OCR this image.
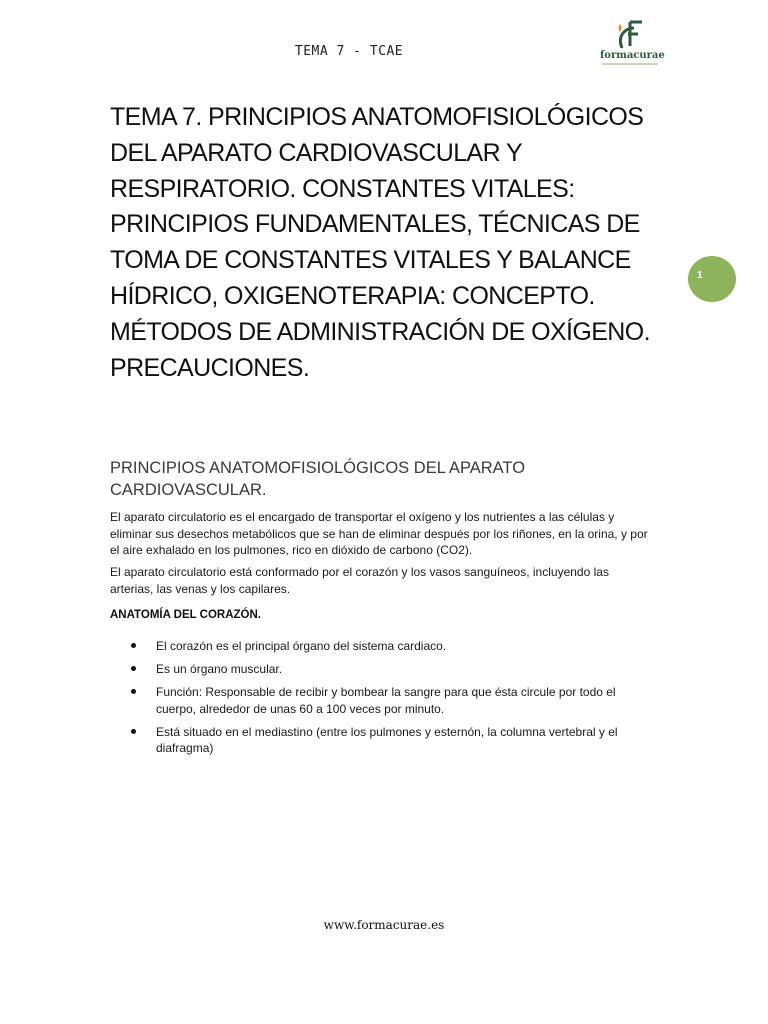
TEMA 7 - TCAE	formacurae
TEMA 7. PRINCIPIOS ANATOMOFISIOLÓGICOS DEL APARATO CARDIOVASCULAR Y RESPIRATORIO. CONSTANTES VITALES: PRINCIPIOS FUNDAMENTALES, TÉCNICAS DE TOMA DE CONSTANTES VITALES Y BALANCE HÍDRICO, OXIGENOTERAPIA: CONCEPTO. MÉTODOS DE ADMINISTRACIÓN DE OXÍGENO. PRECAUCIONES.
1
PRINCIPIOS ANATOMOFISIOLÓGICOS DEL APARATO CARDIOVASCULAR.

El aparato circulatorio es el encargado de transportar el oxígeno y los nutrientes a las células y eliminar sus desechos metabólicos que se han de eliminar después por los riñones, en la orina, y por el aire exhalado en los pulmones, rico en dióxido de carbono (CO2).

El aparato circulatorio está conformado por el corazón y los vasos sanguíneos, incluyendo las arterias, las venas y los capilares.

ANATOMÍA DEL CORAZÓN.
El corazón es el principal órgano del sistema cardiaco.
Es un órgano muscular.
Función: Responsable de recibir y bombear la sangre para que ésta circule por todo el cuerpo, alrededor de unas 60 a 100 veces por minuto.
Está situado en el mediastino (entre los pulmones y esternón, la columna vertebral y el diafragma)
www.formacurae.es
